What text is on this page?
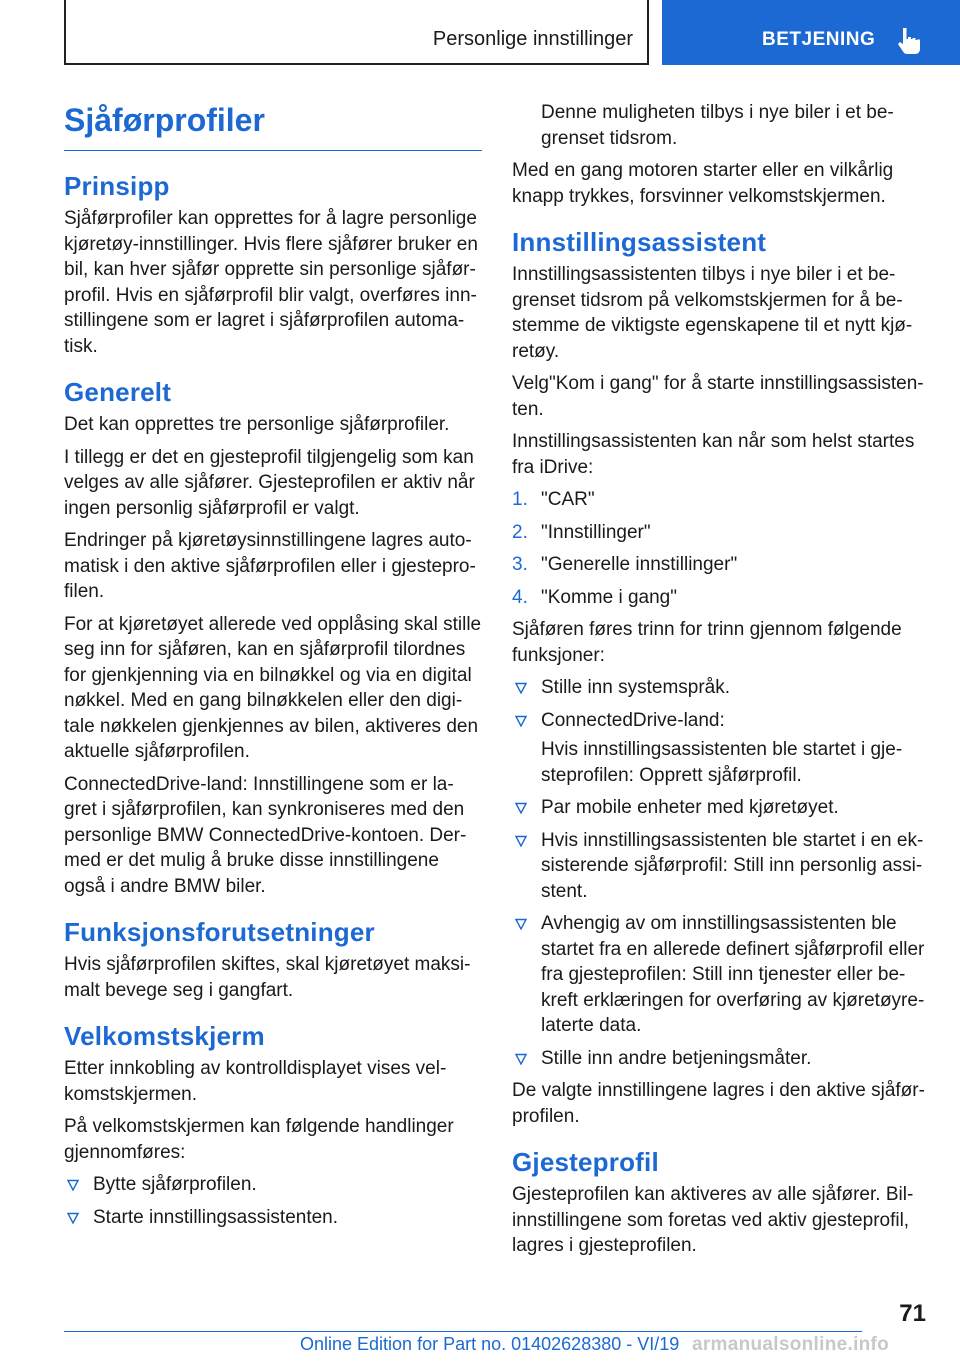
Personlige innstillinger	BETJENING
Sjåførprofiler
Prinsipp
Sjåførprofiler kan opprettes for å lagre personlige kjøretøy-innstillinger. Hvis flere sjåfører bruker en bil, kan hver sjåfør opprette sin personlige sjåfør-profil. Hvis en sjåførprofil blir valgt, overføres inn-stillingene som er lagret i sjåførprofilen automa-tisk.
Generelt
Det kan opprettes tre personlige sjåførprofiler.
I tillegg er det en gjesteprofil tilgjengelig som kan velges av alle sjåfører. Gjesteprofilen er aktiv når ingen personlig sjåførprofil er valgt.
Endringer på kjøretøysinnstillingene lagres auto-matisk i den aktive sjåførprofilen eller i gjestepro-filen.
For at kjøretøyet allerede ved opplåsing skal stille seg inn for sjåføren, kan en sjåførprofil tilordnes for gjenkjenning via en bilnøkkel og via en digital nøkkel. Med en gang bilnøkkelen eller den digi-tale nøkkelen gjenkjennes av bilen, aktiveres den aktuelle sjåførprofilen.
ConnectedDrive-land: Innstillingene som er la-gret i sjåførprofilen, kan synkroniseres med den personlige BMW ConnectedDrive-kontoen. Der-med er det mulig å bruke disse innstillingene også i andre BMW biler.
Funksjonsforutsetninger
Hvis sjåførprofilen skiftes, skal kjøretøyet maksi-malt bevege seg i gangfart.
Velkomstskjerm
Etter innkobling av kontrolldisplayet vises vel-komstskjermen.
På velkomstskjermen kan følgende handlinger gjennomføres:
Bytte sjåførprofilen.
Starte innstillingsassistenten.
Denne muligheten tilbys i nye biler i et be-grenset tidsrom.
Med en gang motoren starter eller en vilkårlig knapp trykkes, forsvinner velkomstskjermen.
Innstillingsassistent
Innstillingsassistenten tilbys i nye biler i et be-grenset tidsrom på velkomstskjermen for å be-stemme de viktigste egenskapene til et nytt kjø-retøy.
Velg"Kom i gang" for å starte innstillingsassisten-ten.
Innstillingsassistenten kan når som helst startes fra iDrive:
1. "CAR"
2. "Innstillinger"
3. "Generelle innstillinger"
4. "Komme i gang"
Sjåføren føres trinn for trinn gjennom følgende funksjoner:
Stille inn systemspråk.
ConnectedDrive-land:
Hvis innstillingsassistenten ble startet i gje-steprofilen: Opprett sjåførprofil.
Par mobile enheter med kjøretøyet.
Hvis innstillingsassistenten ble startet i en ek-sisterende sjåførprofil: Still inn personlig assi-stent.
Avhengig av om innstillingsassistenten ble startet fra en allerede definert sjåførprofil eller fra gjesteprofilen: Still inn tjenester eller be-kreft erklæringen for overføring av kjøretøyre-laterte data.
Stille inn andre betjeningsmåter.
De valgte innstillingene lagres i den aktive sjåfør-profilen.
Gjesteprofil
Gjesteprofilen kan aktiveres av alle sjåfører. Bil-innstillingene som foretas ved aktiv gjesteprofil, lagres i gjesteprofilen.
71
Online Edition for Part no. 01402628380 - VI/19 armanualsonline.info
